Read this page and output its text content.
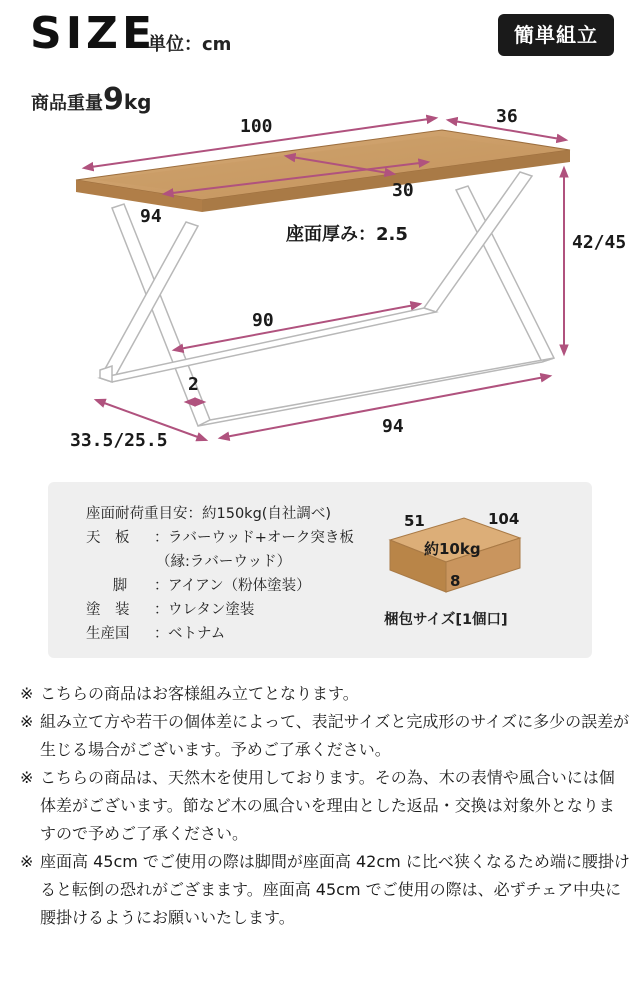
SIZE
単位：cm	簡単組立
商品重量9kg
100	36
30
94
座面厚み：2.5	42/45
90
2
33.5/25.5
94
座面耐荷重目安：約150kg(自社調べ)
天　板 ：ラバーウッド+オーク突き板
（縁:ラバーウッド）
脚 ：アイアン（粉体塗装）
塗　装 ：ウレタン塗装
生産国 ：ベトナム
51	104
約10kg
8
梱包サイズ[1個口]
※ こちらの商品はお客様組み立てとなります。
※ 組み立て方や若干の個体差によって、表記サイズと完成形のサイズに多少の誤差が生じる場合がございます。予めご了承ください。
※ こちらの商品は、天然木を使用しております。その為、木の表情や風合いには個体差がございます。節など木の風合いを理由とした返品・交換は対象外となりますので予めご了承ください。
※ 座面高 45cm でご使用の際は脚間が座面高 42cm に比べ狭くなるため端に腰掛けると転倒の恐れがござまます。座面高 45cm でご使用の際は、必ずチェア中央に腰掛けるようにお願いいたします。
